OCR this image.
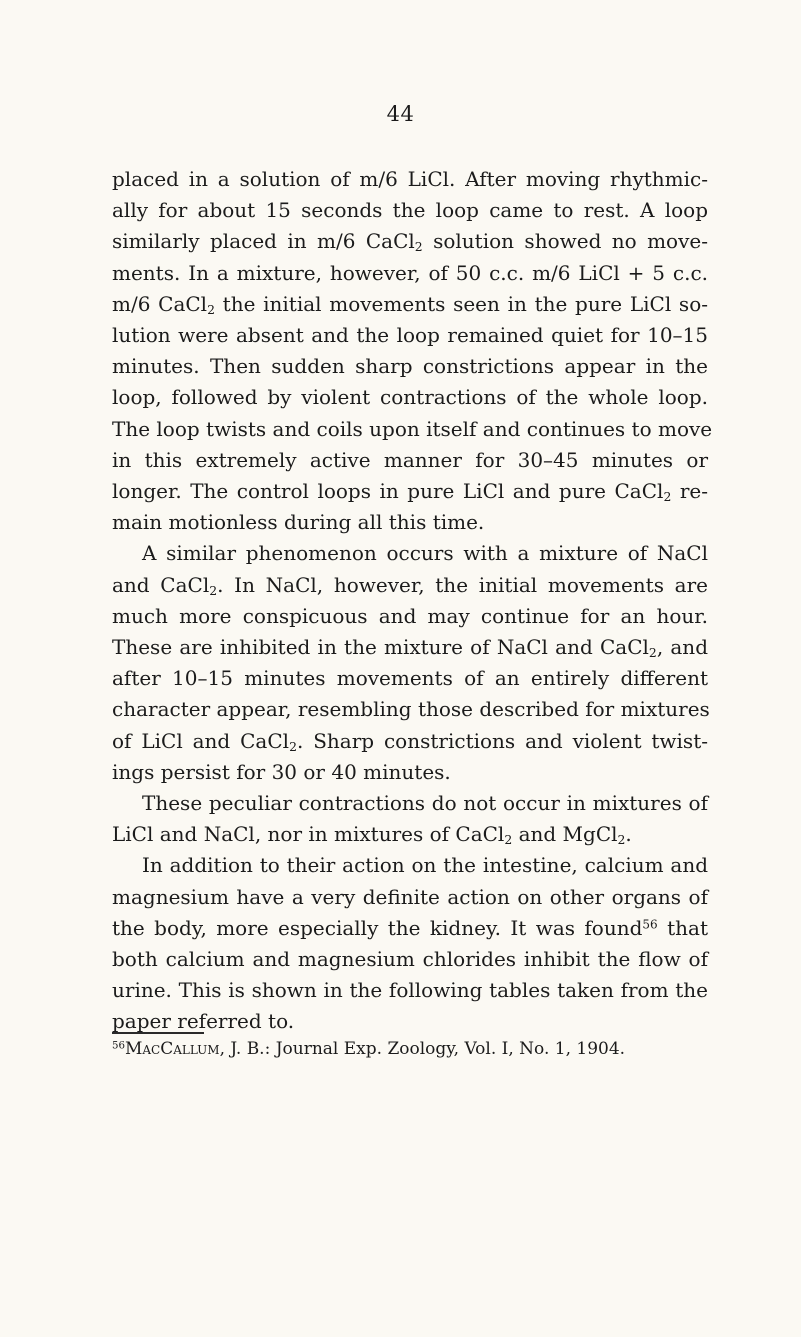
44
placed in a solution of m/6 LiCl. After moving rhythmic-
ally for about 15 seconds the loop came to rest. A loop
similarly placed in m/6 CaCl$_2$ solution showed no move-
ments. In a mixture, however, of 50 c.c. m/6 LiCl + 5 c.c.
m/6 CaCl$_2$ the initial movements seen in the pure LiCl so-
lution were absent and the loop remained quiet for 10–15
minutes. Then sudden sharp constrictions appear in the
loop, followed by violent contractions of the whole loop.
The loop twists and coils upon itself and continues to move
in this extremely active manner for 30–45 minutes or
longer. The control loops in pure LiCl and pure CaCl$_2$ re-
main motionless during all this time.
A similar phenomenon occurs with a mixture of NaCl
and CaCl$_2$. In NaCl, however, the initial movements are
much more conspicuous and may continue for an hour.
These are inhibited in the mixture of NaCl and CaCl$_2$, and
after 10–15 minutes movements of an entirely different
character appear, resembling those described for mixtures
of LiCl and CaCl$_2$. Sharp constrictions and violent twist-
ings persist for 30 or 40 minutes.
These peculiar contractions do not occur in mixtures of
LiCl and NaCl, nor in mixtures of CaCl$_2$ and MgCl$_2$.
In addition to their action on the intestine, calcium and
magnesium have a very definite action on other organs of
the body, more especially the kidney. It was found$^{56}$ that
both calcium and magnesium chlorides inhibit the flow of
urine. This is shown in the following tables taken from the
paper referred to.
$^{56}$MacCallum, J. B.: Journal Exp. Zoology, Vol. I, No. 1, 1904.
